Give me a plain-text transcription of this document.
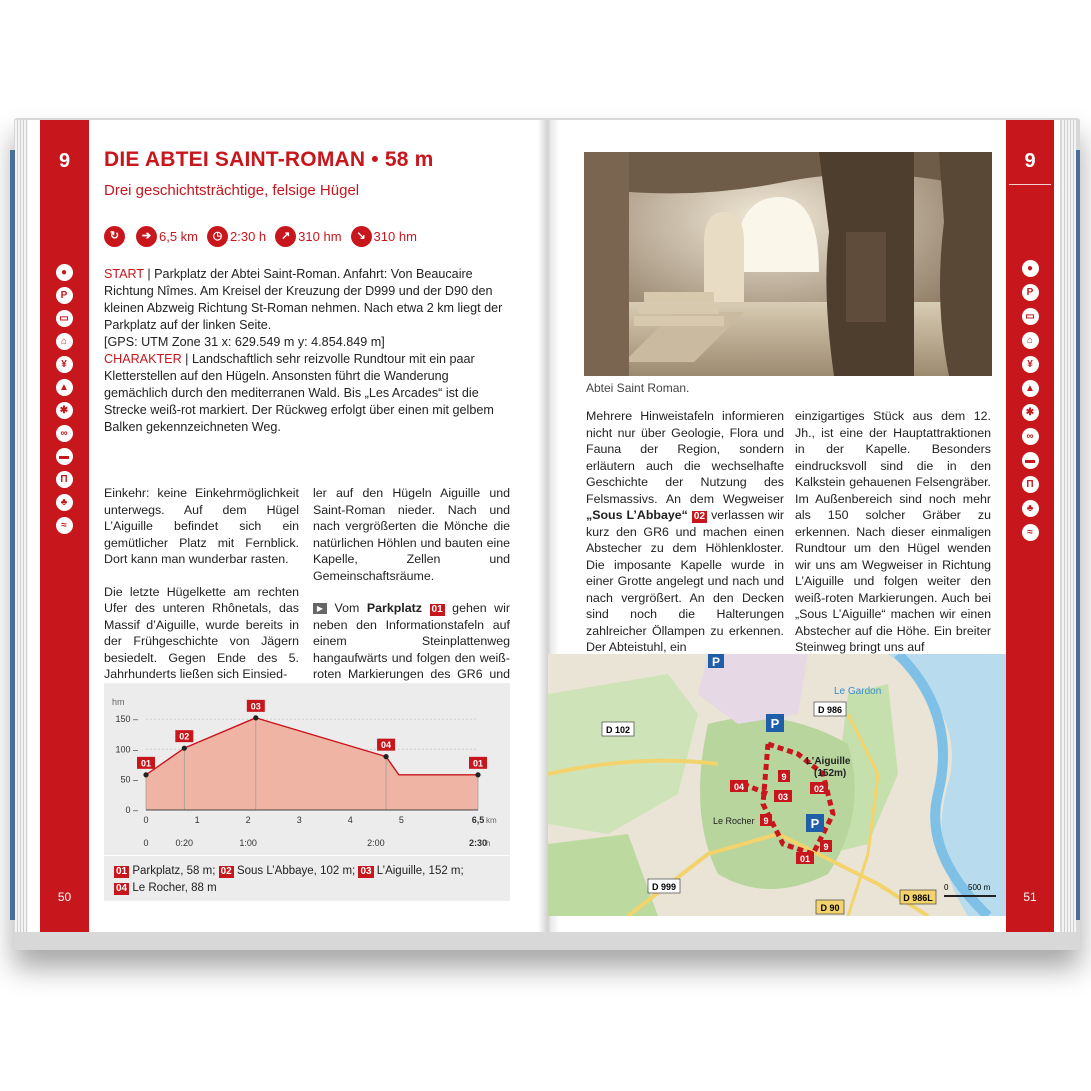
9
50
9
●
P
▭
⌂
¥
▲
✱
∞
▬
Π
♣
≈
51
DIE ABTEI SAINT-ROMAN • 58 m
Drei geschichtsträchtige, felsige Hügel
↻	➔ 6,5 km	◷ 2:30 h	↗ 310 hm	↘ 310 hm
●
P
▭
⌂
¥
▲
✱
∞
▬
Π
♣
≈
START | Parkplatz der Abtei Saint-Roman. Anfahrt: Von Beaucaire Richtung Nîmes. Am Kreisel der Kreuzung der D999 und der D90 den kleinen Abzweig Richtung St-Roman nehmen. Nach etwa 2 km liegt der Parkplatz auf der linken Seite.
[GPS: UTM Zone 31 x: 629.549 m y: 4.854.849 m]
CHARAKTER | Landschaftlich sehr reizvolle Rundtour mit ein paar Kletterstellen auf den Hügeln. Ansonsten führt die Wanderung gemächlich durch den mediterranen Wald. Bis „Les Arcades“ ist die Strecke weiß-rot markiert. Der Rückweg erfolgt über einen mit gelbem Balken gekennzeichneten Weg.

Einkehr: keine Einkehrmöglichkeit unterwegs. Auf dem Hügel L’Aiguille befindet sich ein gemütlicher Platz mit Fernblick. Dort kann man wunderbar rasten.

Die letzte Hügelkette am rechten Ufer des unteren Rhônetals, das Massif d’Aiguille, wurde bereits in der Frühgeschichte von Jägern besiedelt. Gegen Ende des 5. Jahrhunderts ließen sich Einsied-

ler auf den Hügeln Aiguille und Saint-Roman nieder. Nach und nach vergrößerten die Mönche die natürlichen Höhlen und bauten eine Kapelle, Zellen und Gemeinschaftsräume.

▶ Vom Parkplatz 01 gehen wir neben den Informationstafeln auf einem Steinplattenweg hangaufwärts und folgen den weiß-roten Markierungen des GR6 und

0 –
50 –
100 –
150 –
hm
01
02
03
04
01
0	1	2	3	4	5	6,5 km
0	0:20	1:00	2:00	2:30
h
01 Parkplatz, 58 m; 02 Sous L’Abbaye, 102 m; 03 L’Aiguille, 152 m;
04 Le Rocher, 88 m
Abtei Saint Roman.
Mehrere Hinweistafeln informieren nicht nur über Geologie, Flora und Fauna der Region, sondern erläutern auch die wechselhafte Geschichte der Nutzung des Felsmassivs. An dem Wegweiser „Sous L’Abbaye“ 02 verlassen wir kurz den GR6 und machen einen Abstecher zu dem Höhlenkloster. Die imposante Kapelle wurde in einer Grotte angelegt und nach und nach vergrößert. An den Decken sind noch die Halterungen zahlreicher Öllampen zu erkennen. Der Abteistuhl, ein
einzigartiges Stück aus dem 12. Jh., ist eine der Hauptattraktionen in der Kapelle. Besonders eindrucksvoll sind die in den Kalkstein gehauenen Felsengräber. Im Außenbereich sind noch mehr als 150 solcher Gräber zu erkennen. Nach dieser einmaligen Rundtour um den Hügel wenden wir uns am Wegweiser in Richtung L’Aiguille und folgen weiter den weiß-roten Markierungen. Auch bei „Sous L’Aiguille“ machen wir einen Abstecher auf die Höhe. Ein breiter Steinweg bringt uns auf
P
P
P
D 102
D 986
D 999
D 90
D 986L
Le Gardon
L’Aiguille
(152m)
Le Rocher
01
02
03
04
9
9
9
0 500 m
